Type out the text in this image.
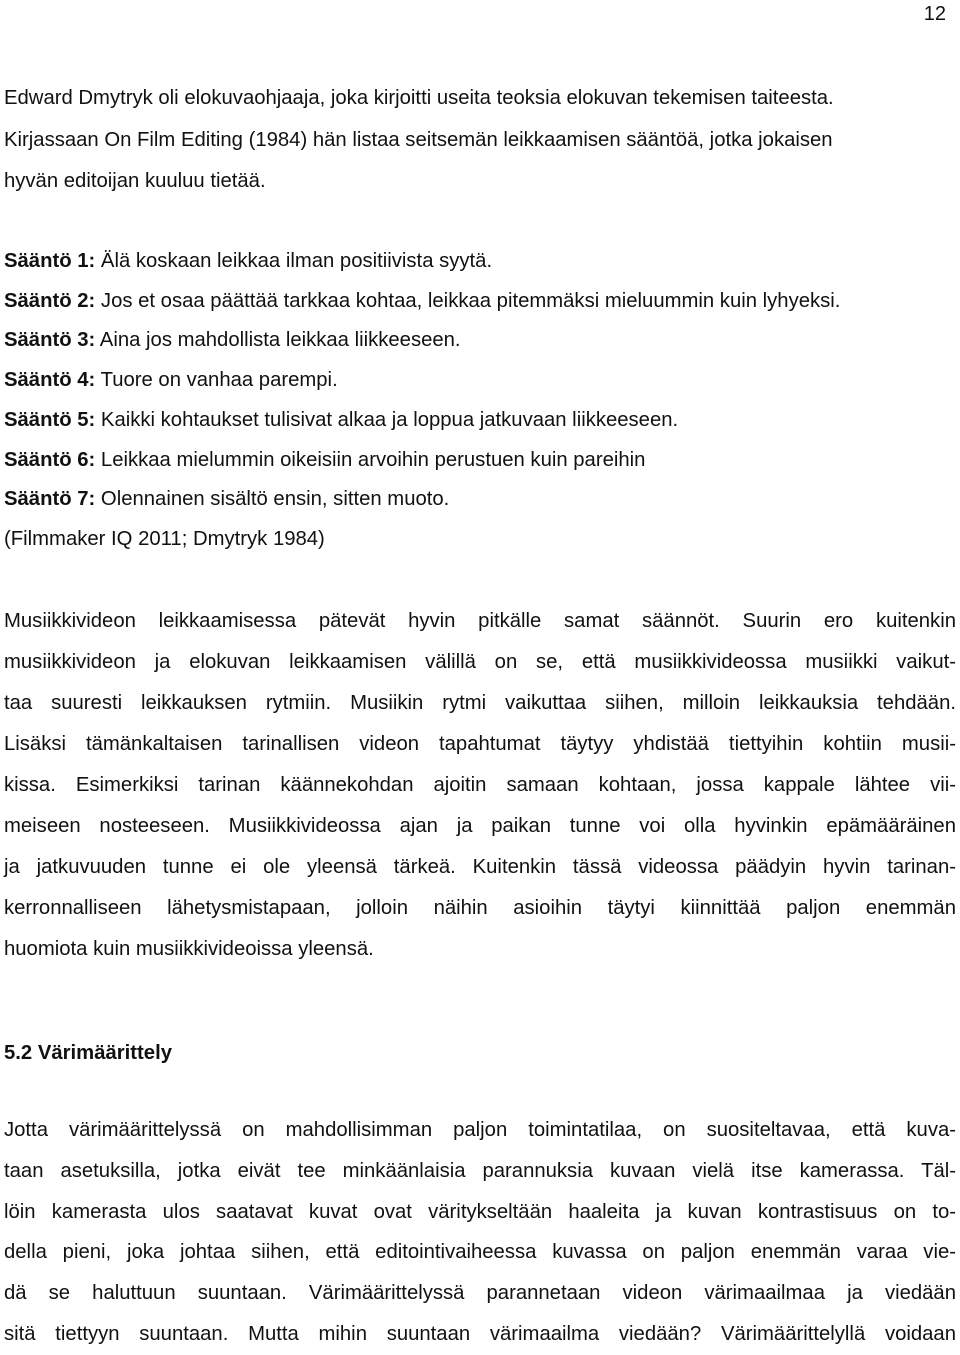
12
Edward Dmytryk oli elokuvaohjaaja, joka kirjoitti useita teoksia elokuvan tekemisen taiteesta.
Kirjassaan On Film Editing (1984) hän listaa seitsemän leikkaamisen sääntöä, jotka jokaisen
hyvän editoijan kuuluu tietää.
Sääntö 1: Älä koskaan leikkaa ilman positiivista syytä.
Sääntö 2: Jos et osaa päättää tarkkaa kohtaa, leikkaa pitemmäksi mieluummin kuin lyhyeksi.
Sääntö 3: Aina jos mahdollista leikkaa liikkeeseen.
Sääntö 4: Tuore on vanhaa parempi.
Sääntö 5: Kaikki kohtaukset tulisivat alkaa ja loppua jatkuvaan liikkeeseen.
Sääntö 6: Leikkaa mielummin oikeisiin arvoihin perustuen kuin pareihin
Sääntö 7: Olennainen sisältö ensin, sitten muoto.
(Filmmaker IQ 2011; Dmytryk 1984)
Musiikkivideon leikkaamisessa pätevät hyvin pitkälle samat säännöt. Suurin ero kuitenkin
musiikkivideon ja elokuvan leikkaamisen välillä on se, että musiikkivideossa musiikki vaikut-
taa suuresti leikkauksen rytmiin. Musiikin rytmi vaikuttaa siihen, milloin leikkauksia tehdään.
Lisäksi tämänkaltaisen tarinallisen videon tapahtumat täytyy yhdistää tiettyihin kohtiin musii-
kissa. Esimerkiksi tarinan käännekohdan ajoitin samaan kohtaan, jossa kappale lähtee vii-
meiseen nosteeseen. Musiikkivideossa ajan ja paikan tunne voi olla hyvinkin epämääräinen
ja jatkuvuuden tunne ei ole yleensä tärkeä. Kuitenkin tässä videossa päädyin hyvin tarinan-
kerronnalliseen lähetysmistapaan, jolloin näihin asioihin täytyi kiinnittää paljon enemmän
huomiota kuin musiikkivideoissa yleensä.
5.2 Värimäärittely
Jotta värimäärittelyssä on mahdollisimman paljon toimintatilaa, on suositeltavaa, että kuva-
taan asetuksilla, jotka eivät tee minkäänlaisia parannuksia kuvaan vielä itse kamerassa. Täl-
löin kamerasta ulos saatavat kuvat ovat väritykseltään haaleita ja kuvan kontrastisuus on to-
della pieni, joka johtaa siihen, että editointivaiheessa kuvassa on paljon enemmän varaa vie-
dä se haluttuun suuntaan. Värimäärittelyssä parannetaan videon värimaailmaa ja viedään
sitä tiettyyn suuntaan. Mutta mihin suuntaan värimaailma viedään? Värimäärittelyllä voidaan
